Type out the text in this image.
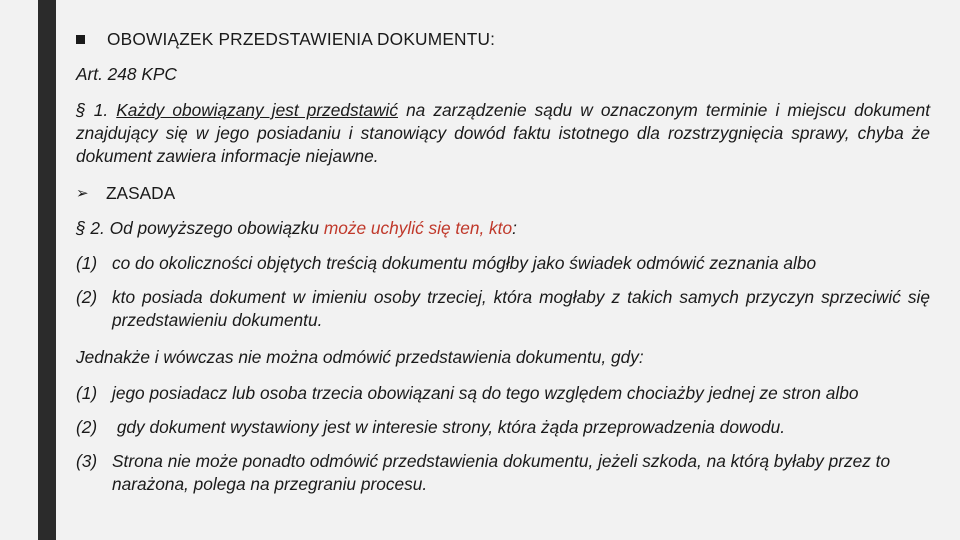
OBOWIĄZEK PRZEDSTAWIENIA DOKUMENTU:

Art. 248 KPC

§ 1. Każdy obowiązany jest przedstawić na zarządzenie sądu w oznaczonym terminie i miejscu dokument znajdujący się w jego posiadaniu i stanowiący dowód faktu istotnego dla rozstrzygnięcia sprawy, chyba że dokument zawiera informacje niejawne.

➢	ZASADA

§ 2. Od powyższego obowiązku może uchylić się ten, kto:

(1) co do okoliczności objętych treścią dokumentu mógłby jako świadek odmówić zeznania albo
(2) kto posiada dokument w imieniu osoby trzeciej, która mogłaby z takich samych przyczyn sprzeciwić się przedstawieniu dokumentu.

Jednakże i wówczas nie można odmówić przedstawienia dokumentu, gdy:

(1) jego posiadacz lub osoba trzecia obowiązani są do tego względem chociażby jednej ze stron albo
(2) gdy dokument wystawiony jest w interesie strony, która żąda przeprowadzenia dowodu.
(3) Strona nie może ponadto odmówić przedstawienia dokumentu, jeżeli szkoda, na którą byłaby przez to narażona, polega na przegraniu procesu.
